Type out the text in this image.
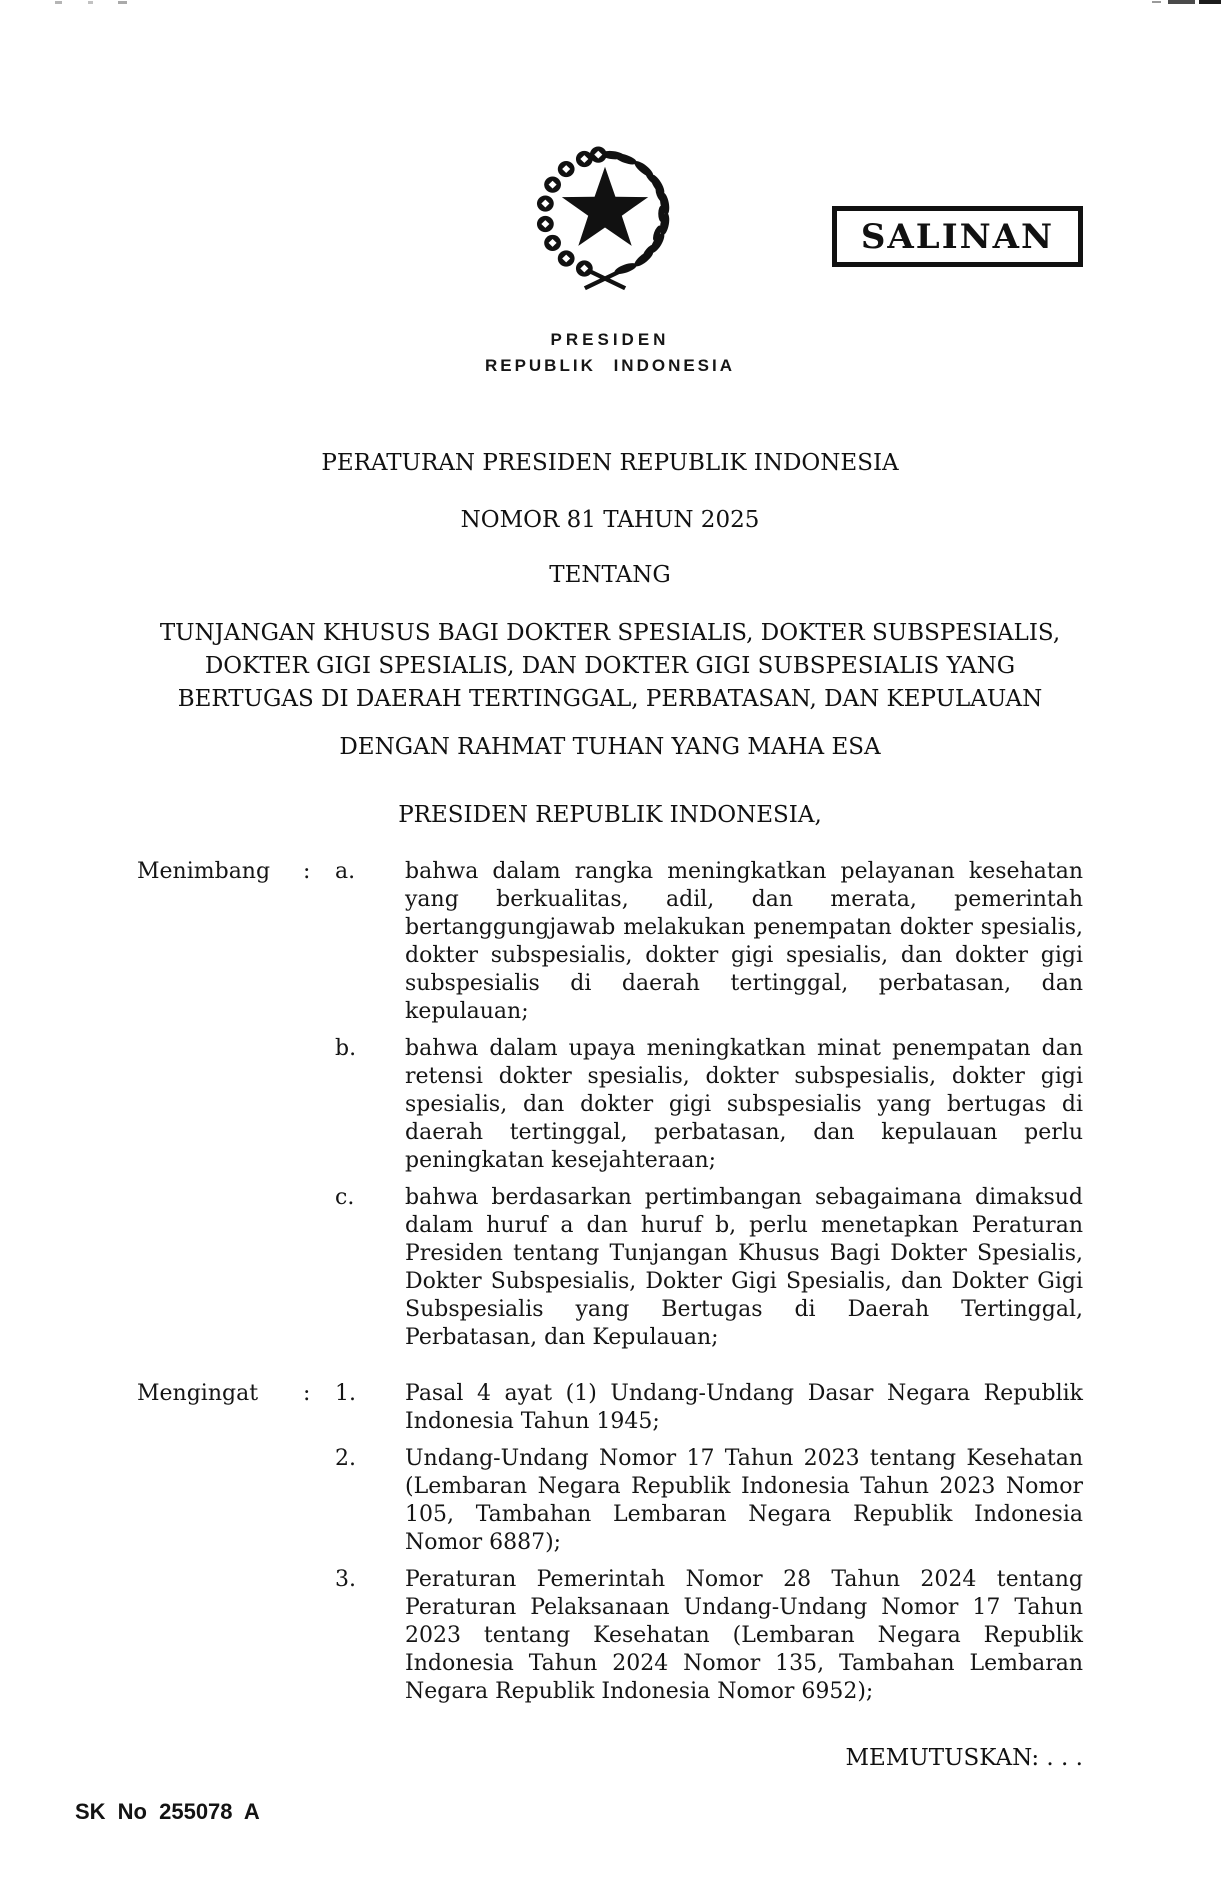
SALINAN
PRESIDEN
REPUBLIK INDONESIA
PERATURAN PRESIDEN REPUBLIK INDONESIA
NOMOR 81 TAHUN 2025
TENTANG
TUNJANGAN KHUSUS BAGI DOKTER SPESIALIS, DOKTER SUBSPESIALIS,
DOKTER GIGI SPESIALIS, DAN DOKTER GIGI SUBSPESIALIS YANG
BERTUGAS DI DAERAH TERTINGGAL, PERBATASAN, DAN KEPULAUAN
DENGAN RAHMAT TUHAN YANG MAHA ESA
PRESIDEN REPUBLIK INDONESIA,
Menimbang : a. bahwa dalam rangka meningkatkan pelayanan kesehatan yang berkualitas, adil, dan merata, pemerintah bertanggungjawab melakukan penempatan dokter spesialis, dokter subspesialis, dokter gigi spesialis, dan dokter gigi subspesialis di daerah tertinggal, perbatasan, dan kepulauan;
b. bahwa dalam upaya meningkatkan minat penempatan dan retensi dokter spesialis, dokter subspesialis, dokter gigi spesialis, dan dokter gigi subspesialis yang bertugas di daerah tertinggal, perbatasan, dan kepulauan perlu peningkatan kesejahteraan;
c. bahwa berdasarkan pertimbangan sebagaimana dimaksud dalam huruf a dan huruf b, perlu menetapkan Peraturan Presiden tentang Tunjangan Khusus Bagi Dokter Spesialis, Dokter Subspesialis, Dokter Gigi Spesialis, dan Dokter Gigi Subspesialis yang Bertugas di Daerah Tertinggal, Perbatasan, dan Kepulauan;
Mengingat : 1. Pasal 4 ayat (1) Undang-Undang Dasar Negara Republik Indonesia Tahun 1945;
2. Undang-Undang Nomor 17 Tahun 2023 tentang Kesehatan (Lembaran Negara Republik Indonesia Tahun 2023 Nomor 105, Tambahan Lembaran Negara Republik Indonesia Nomor 6887);
3. Peraturan Pemerintah Nomor 28 Tahun 2024 tentang Peraturan Pelaksanaan Undang-Undang Nomor 17 Tahun 2023 tentang Kesehatan (Lembaran Negara Republik Indonesia Tahun 2024 Nomor 135, Tambahan Lembaran Negara Republik Indonesia Nomor 6952);
MEMUTUSKAN: . . .
SK No 255078 A
